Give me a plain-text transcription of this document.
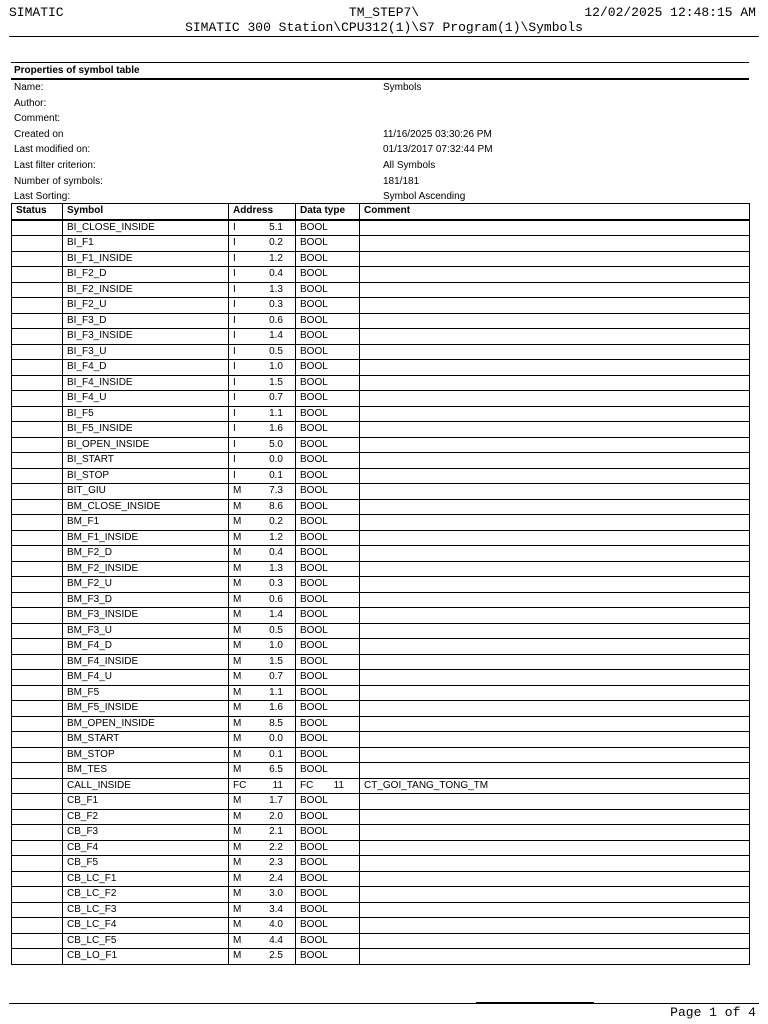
SIMATIC	TM_STEP7\	12/02/2025 12:48:15 AM
SIMATIC 300 Station\CPU312(1)\S7 Program(1)\Symbols
Properties of symbol table
Name:	Symbols
Author:
Comment:
Created on	11/16/2025 03:30:26 PM
Last modified on:	01/13/2017 07:32:44 PM
Last filter criterion:	All Symbols
Number of symbols:	181/181
Last Sorting:	Symbol Ascending
Status	Symbol	Address	Data type	Comment
	BI_CLOSE_INSIDE	I 5.1	BOOL	

	BI_F1	I 0.2	BOOL	

	BI_F1_INSIDE	I 1.2	BOOL	

	BI_F2_D	I 0.4	BOOL	

	BI_F2_INSIDE	I 1.3	BOOL	

	BI_F2_U	I 0.3	BOOL	

	BI_F3_D	I 0.6	BOOL	

	BI_F3_INSIDE	I 1.4	BOOL	

	BI_F3_U	I 0.5	BOOL	

	BI_F4_D	I 1.0	BOOL	

	BI_F4_INSIDE	I 1.5	BOOL	

	BI_F4_U	I 0.7	BOOL	

	BI_F5	I 1.1	BOOL	

	BI_F5_INSIDE	I 1.6	BOOL	

	BI_OPEN_INSIDE	I 5.0	BOOL	

	BI_START	I 0.0	BOOL	

	BI_STOP	I 0.1	BOOL	

	BIT_GIU	M 7.3	BOOL	

	BM_CLOSE_INSIDE	M 8.6	BOOL	

	BM_F1	M 0.2	BOOL	

	BM_F1_INSIDE	M 1.2	BOOL	

	BM_F2_D	M 0.4	BOOL	

	BM_F2_INSIDE	M 1.3	BOOL	

	BM_F2_U	M 0.3	BOOL	

	BM_F3_D	M 0.6	BOOL	

	BM_F3_INSIDE	M 1.4	BOOL	

	BM_F3_U	M 0.5	BOOL	

	BM_F4_D	M 1.0	BOOL	

	BM_F4_INSIDE	M 1.5	BOOL	

	BM_F4_U	M 0.7	BOOL	

	BM_F5	M 1.1	BOOL	

	BM_F5_INSIDE	M 1.6	BOOL	

	BM_OPEN_INSIDE	M 8.5	BOOL	

	BM_START	M 0.0	BOOL	

	BM_STOP	M 0.1	BOOL	

	BM_TES	M 6.5	BOOL	

	CALL_INSIDE	FC 11	FC 11	CT_GOI_TANG_TONG_TM
	CB_F1	M 1.7	BOOL	

	CB_F2	M 2.0	BOOL	

	CB_F3	M 2.1	BOOL	

	CB_F4	M 2.2	BOOL	

	CB_F5	M 2.3	BOOL	

	CB_LC_F1	M 2.4	BOOL	

	CB_LC_F2	M 3.0	BOOL	

	CB_LC_F3	M 3.4	BOOL	

	CB_LC_F4	M 4.0	BOOL	

	CB_LC_F5	M 4.4	BOOL	

	CB_LO_F1	M 2.5	BOOL	

Page 1 of 4
